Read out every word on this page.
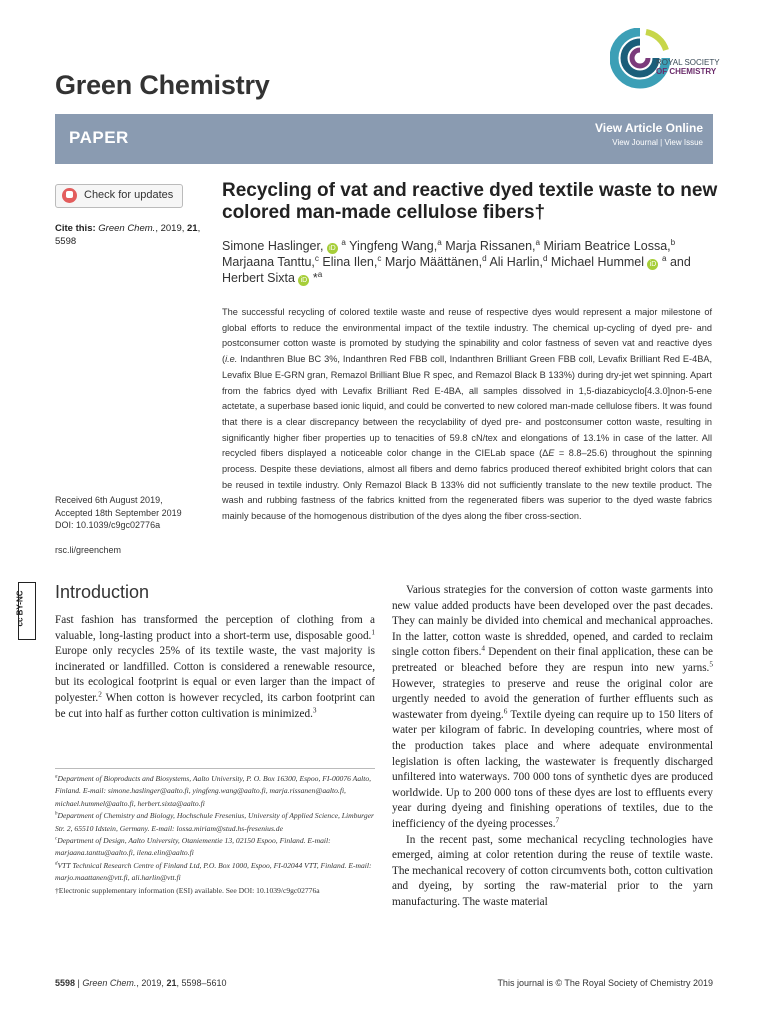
Green Chemistry
ROYAL SOCIETY
OF CHEMISTRY
PAPER	View Article Online
View Journal | View Issue
Check for updates
Cite this: Green Chem., 2019, 21, 5598
Received 6th August 2019,
Accepted 18th September 2019
DOI: 10.1039/c9gc02776a
rsc.li/greenchem
Recycling of vat and reactive dyed textile waste to new colored man-made cellulose fibers†
Simone Haslinger, iD $^a$ Yingfeng Wang,$^a$ Marja Rissanen,$^a$ Miriam Beatrice Lossa,$^b$ Marjaana Tanttu,$^c$ Elina Ilen,$^c$ Marjo Määttänen,$^d$ Ali Harlin,$^d$ Michael Hummel iD $^a$ and Herbert Sixta iD *$^a$
The successful recycling of colored textile waste and reuse of respective dyes would represent a major milestone of global efforts to reduce the environmental impact of the textile industry. The chemical up-cycling of dyed pre- and postconsumer cotton waste is promoted by studying the spinability and color fastness of seven vat and reactive dyes (i.e. Indanthren Blue BC 3%, Indanthren Red FBB coll, Indanthren Brilliant Green FBB coll, Levafix Brilliant Red E-4BA, Levafix Blue E-GRN gran, Remazol Brilliant Blue R spec, and Remazol Black B 133%) during dry-jet wet spinning. Apart from the fabrics dyed with Levafix Brilliant Red E-4BA, all samples dissolved in 1,5-diazabicyclo[4.3.0]non-5-ene actetate, a superbase based ionic liquid, and could be converted to new colored man-made cellulose fibers. It was found that there is a clear discrepancy between the recyclability of dyed pre- and postconsumer cotton waste, resulting in significantly higher fiber properties up to tenacities of 59.8 cN/tex and elongations of 13.1% in case of the latter. All recycled fibers displayed a noticeable color change in the CIELab space (ΔE = 8.8–25.6) throughout the spinning process. Despite these deviations, almost all fibers and demo fabrics produced thereof exhibited bright colors that can be reused in textile industry. Only Remazol Black B 133% did not sufficiently translate to the new textile product. The wash and rubbing fastness of the fabrics knitted from the regenerated fibers was superior to the dyed waste fabrics mainly because of the homogenous distribution of the dyes along the fiber cross-section.
cc BY-NC Introduction

Fast fashion has transformed the perception of clothing from a valuable, long-lasting product into a short-term use, disposable good.$^1$ Europe only recycles 25% of its textile waste, the vast majority is incinerated or landfilled. Cotton is considered a renewable resource, but its ecological footprint is equal or even larger than the impact of polyester.$^2$ When cotton is however recycled, its carbon footprint can be cut into half as further cotton cultivation is minimized.$^3$

Various strategies for the conversion of cotton waste garments into new value added products have been developed over the past decades. They can mainly be divided into chemical and mechanical approaches. In the latter, cotton waste is shredded, opened, and carded to reclaim single cotton fibers.$^4$ Dependent on their final application, these can be pretreated or bleached before they are respun into new yarns.$^5$ However, strategies to preserve and reuse the original color are urgently needed to avoid the generation of further effluents such as wastewater from dyeing.$^6$ Textile dyeing can require up to 150 liters of water per kilogram of fabric. In developing countries, where most of the production takes place and where adequate environmental legislation is often lacking, the wastewater is frequently discharged unfiltered into waterways. 700 000 tons of synthetic dyes are produced worldwide. Up to 200 000 tons of these dyes are lost to effluents every year during dyeing and finishing operations of textiles, due to the inefficiency of the dyeing processes.$^7$

In the recent past, some mechanical recycling technologies have emerged, aiming at color retention during the reuse of textile waste. The mechanical recovery of cotton circumvents both, cotton cultivation and dyeing, by sorting the raw-material prior to the yarn manufacturing. The waste material

$^a$Department of Bioproducts and Biosystems, Aalto University, P. O. Box 16300, Espoo, FI-00076 Aalto, Finland. E-mail: simone.haslinger@aalto.fi, yingfeng.wang@aalto.fi, marja.rissanen@aalto.fi, michael.hummel@aalto.fi, herbert.sixta@aalto.fi

$^b$Department of Chemistry and Biology, Hochschule Fresenius, University of Applied Science, Limburger Str. 2, 65510 Idstein, Germany. E-mail: lossa.miriam@stud.hs-fresenius.de

$^c$Department of Design, Aalto University, Otaniementie 13, 02150 Espoo, Finland. E-mail: marjaana.tanttu@aalto.fi, ilena.elin@aalto.fi

$^d$VTT Technical Research Centre of Finland Ltd, P.O. Box 1000, Espoo, FI-02044 VTT, Finland. E-mail: marjo.maattanen@vtt.fi, ali.harlin@vtt.fi

†Electronic supplementary information (ESI) available. See DOI: 10.1039/c9gc02776a

5598 | Green Chem., 2019, 21, 5598–5610	This journal is © The Royal Society of Chemistry 2019
